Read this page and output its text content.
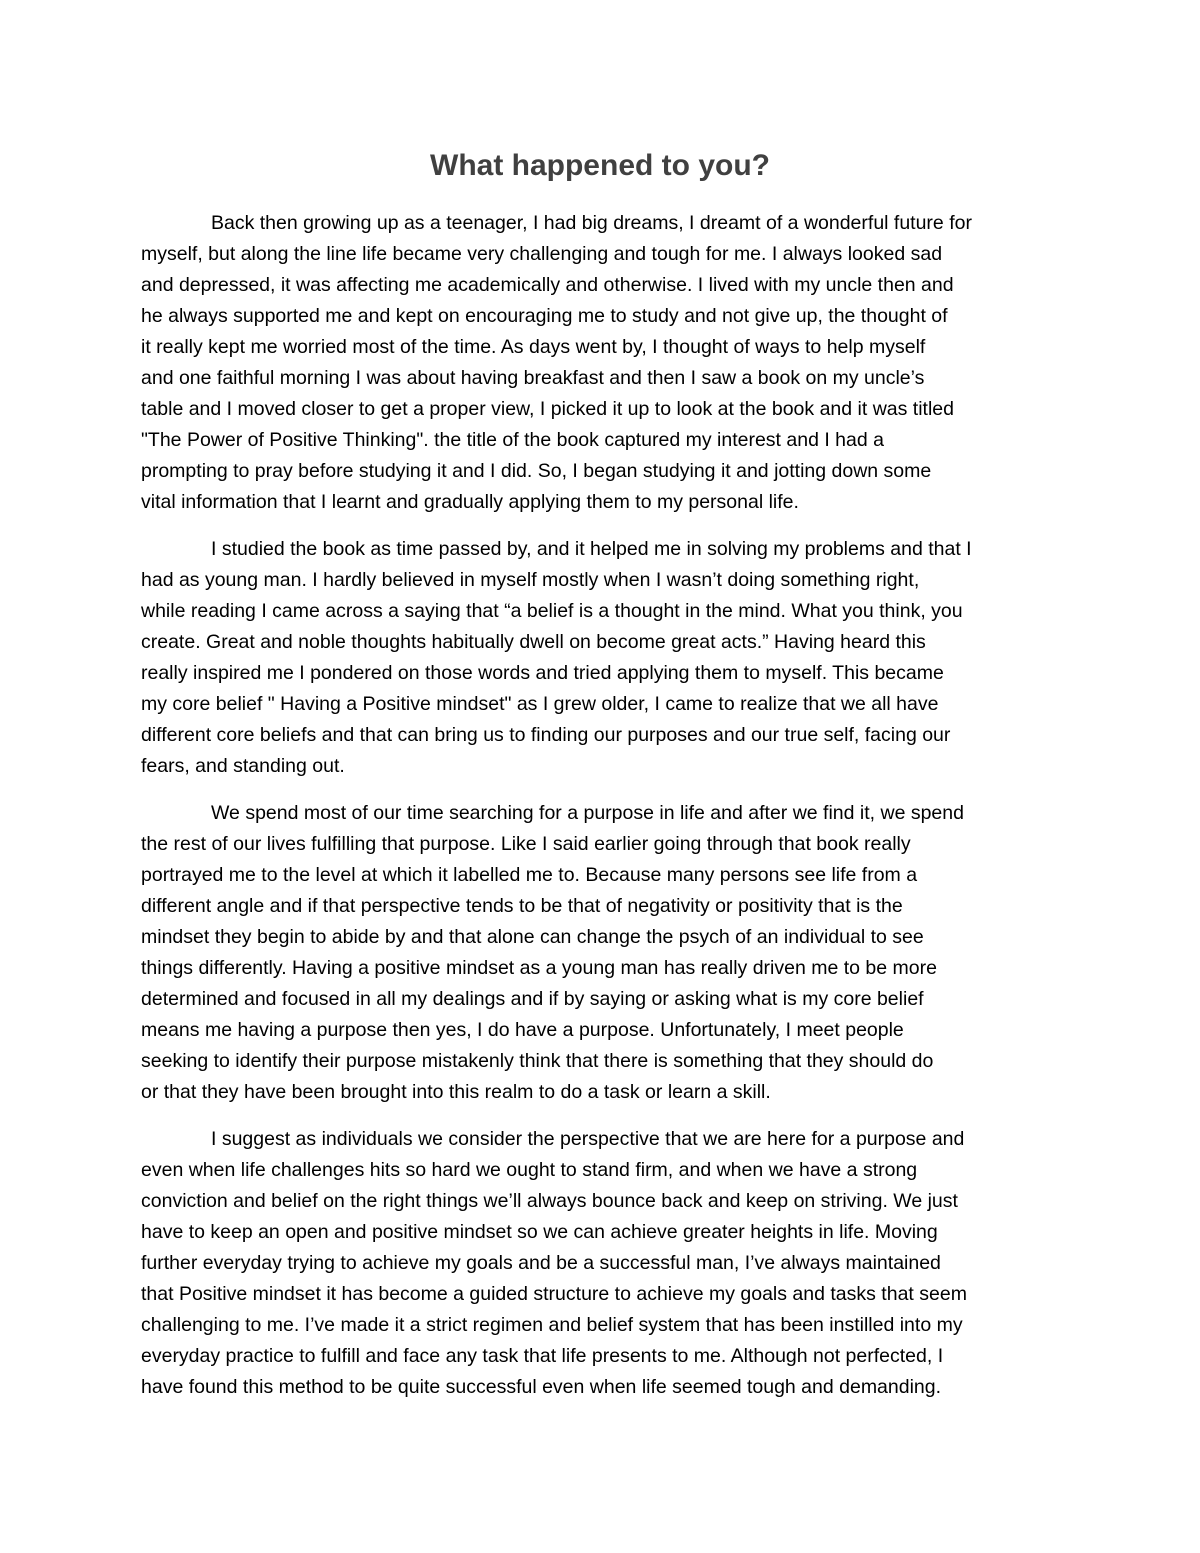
What happened to you?

Back then growing up as a teenager, I had big dreams, I dreamt of a wonderful future for
myself, but along the line life became very challenging and tough for me. I always looked sad
and depressed, it was affecting me academically and otherwise. I lived with my uncle then and
he always supported me and kept on encouraging me to study and not give up, the thought of
it really kept me worried most of the time. As days went by, I thought of ways to help myself
and one faithful morning I was about having breakfast and then I saw a book on my uncle’s
table and I moved closer to get a proper view, I picked it up to look at the book and it was titled
"The Power of Positive Thinking". the title of the book captured my interest and I had a
prompting to pray before studying it and I did. So, I began studying it and jotting down some
vital information that I learnt and gradually applying them to my personal life.

I studied the book as time passed by, and it helped me in solving my problems and that I
had as young man. I hardly believed in myself mostly when I wasn’t doing something right,
while reading I came across a saying that “a belief is a thought in the mind. What you think, you
create. Great and noble thoughts habitually dwell on become great acts.” Having heard this
really inspired me I pondered on those words and tried applying them to myself. This became
my core belief " Having a Positive mindset" as I grew older, I came to realize that we all have
different core beliefs and that can bring us to finding our purposes and our true self, facing our
fears, and standing out.

We spend most of our time searching for a purpose in life and after we find it, we spend
the rest of our lives fulfilling that purpose. Like I said earlier going through that book really
portrayed me to the level at which it labelled me to. Because many persons see life from a
different angle and if that perspective tends to be that of negativity or positivity that is the
mindset they begin to abide by and that alone can change the psych of an individual to see
things differently. Having a positive mindset as a young man has really driven me to be more
determined and focused in all my dealings and if by saying or asking what is my core belief
means me having a purpose then yes, I do have a purpose. Unfortunately, I meet people
seeking to identify their purpose mistakenly think that there is something that they should do
or that they have been brought into this realm to do a task or learn a skill.

I suggest as individuals we consider the perspective that we are here for a purpose and
even when life challenges hits so hard we ought to stand firm, and when we have a strong
conviction and belief on the right things we’ll always bounce back and keep on striving. We just
have to keep an open and positive mindset so we can achieve greater heights in life. Moving
further everyday trying to achieve my goals and be a successful man, I’ve always maintained
that Positive mindset it has become a guided structure to achieve my goals and tasks that seem
challenging to me. I’ve made it a strict regimen and belief system that has been instilled into my
everyday practice to fulfill and face any task that life presents to me. Although not perfected, I
have found this method to be quite successful even when life seemed tough and demanding.
